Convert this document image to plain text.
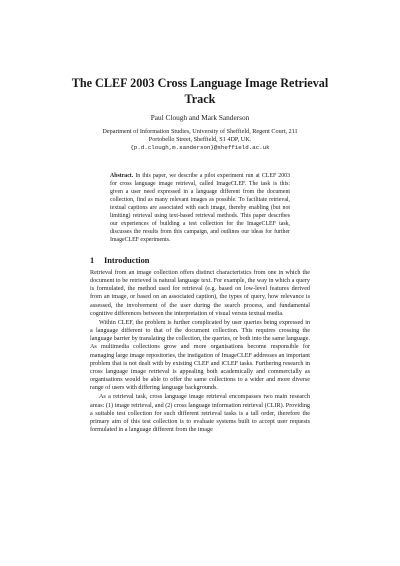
The CLEF 2003 Cross Language Image Retrieval Track
Paul Clough and Mark Sanderson
Department of Information Studies, University of Sheffield, Regent Court, 211
Portobello Street, Sheffield, S1 4DP, UK.
{p.d.clough,m.sanderson}@sheffield.ac.uk
Abstract. In this paper, we describe a pilot experiment run at CLEF 2003 for cross language image retrieval, called ImageCLEF. The task is this: given a user need expressed in a language different from the document collection, find as many relevant images as possible. To facilitate retrieval, textual captions are associated with each image, thereby enabling (but not limiting) retrieval using text-based retrieval methods. This paper describes our experiences of building a test collection for the ImageCLEF task, discusses the results from this campaign, and outlines our ideas for further ImageCLEF experiments.
1 Introduction

Retrieval from an image collection offers distinct characteristics from one in which the document to be retrieved is natural language text. For example, the way in which a query is formulated, the method used for retrieval (e.g. based on low-level features derived from an image, or based on an associated caption), the types of query, how relevance is assessed, the involvement of the user during the search process, and fundamental cognitive differences between the interpretation of visual versus textual media.

Within CLEF, the problem is further complicated by user queries being expressed in a language different to that of the document collection. This requires crossing the language barrier by translating the collection, the queries, or both into the same language. As multimedia collections grow and more organisations become responsible for managing large image repositories, the instigation of ImageCLEF addresses an important problem that is not dealt with by existing CLEF and iCLEF tasks. Furthering research in cross language image retrieval is appealing both academically and commercially as organisations would be able to offer the same collections to a wider and more diverse range of users with differing language backgrounds.

As a retrieval task, cross language image retrieval encompasses two main research areas: (1) image retrieval, and (2) cross language information retrieval (CLIR). Providing a suitable test collection for such different retrieval tasks is a tall order, therefore the primary aim of this test collection is to evaluate systems built to accept user requests formulated in a language different from the image
